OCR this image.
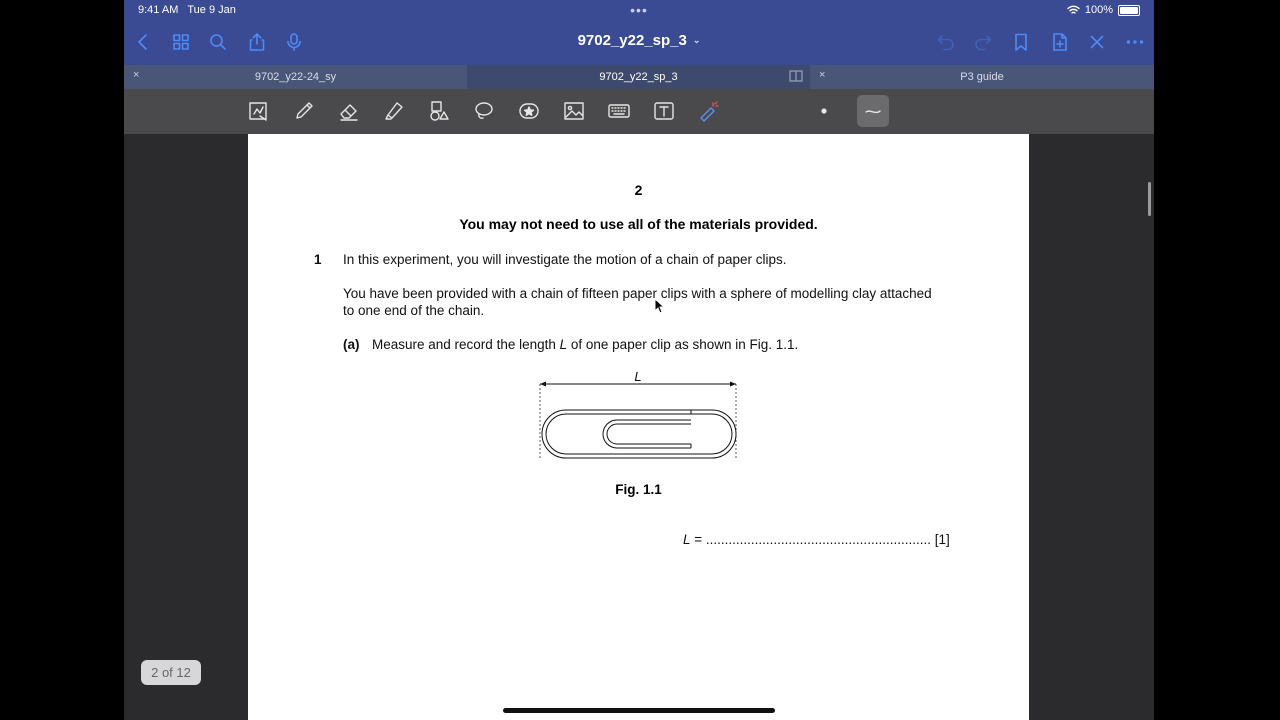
9:41 AM Tue 9 Jan	•••	100%
9702_y22_sp_3 ⌄
×	9702_y22-24_sy	9702_y22_sp_3	×	P3 guide
2
You may not need to use all of the materials provided.
1 In this experiment, you will investigate the motion of a chain of paper clips.
You have been provided with a chain of fifteen paper clips with a sphere of modelling clay attached
to one end of the chain.
(a) Measure and record the length L of one paper clip as shown in Fig. 1.1.
L
Fig. 1.1
L = ............................................................ [1]
2 of 12
